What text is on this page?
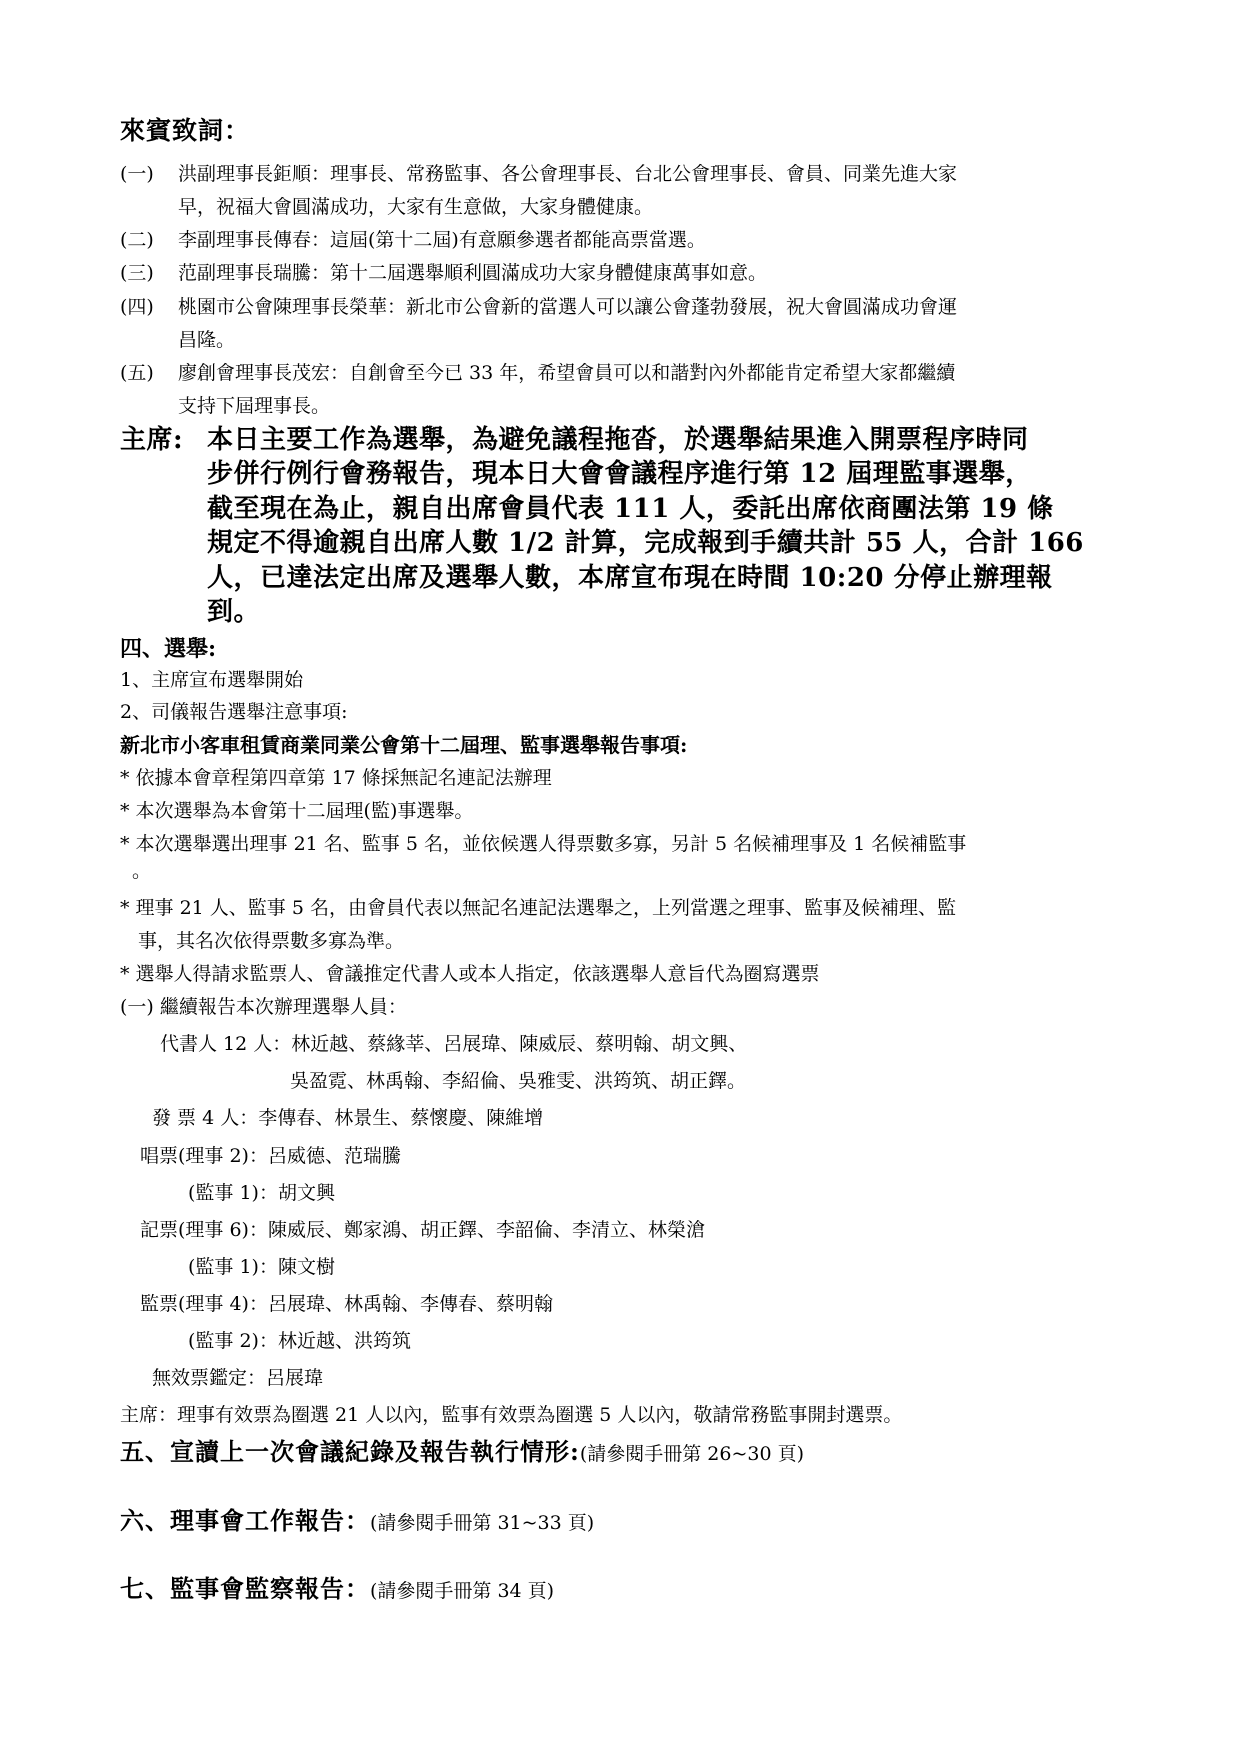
來賓致詞：
(一) 洪副理事長鉅順：理事長、常務監事、各公會理事長、台北公會理事長、會員、同業先進大家
早，祝福大會圓滿成功，大家有生意做，大家身體健康。
(二) 李副理事長傳春：這屆(第十二屆)有意願參選者都能高票當選。
(三) 范副理事長瑞騰：第十二屆選舉順利圓滿成功大家身體健康萬事如意。
(四) 桃園市公會陳理事長榮華：新北市公會新的當選人可以讓公會蓬勃發展，祝大會圓滿成功會運
昌隆。
(五) 廖創會理事長茂宏：自創會至今已 33 年，希望會員可以和諧對內外都能肯定希望大家都繼續
支持下屆理事長。
主席: 本日主要工作為選舉，為避免議程拖沓，於選舉結果進入開票程序時同
步併行例行會務報告，現本日大會會議程序進行第 12 屆理監事選舉，
截至現在為止，親自出席會員代表 111 人，委託出席依商團法第 19 條
規定不得逾親自出席人數 1/2 計算，完成報到手續共計 55 人，合計 166
人，已達法定出席及選舉人數，本席宣布現在時間 10:20 分停止辦理報
到。
四、選舉:
1、主席宣布選舉開始
2、司儀報告選舉注意事項:
新北市小客車租賃商業同業公會第十二屆理、監事選舉報告事項:
* 依據本會章程第四章第 17 條採無記名連記法辦理
* 本次選舉為本會第十二屆理(監)事選舉。
* 本次選舉選出理事 21 名、監事 5 名，並依候選人得票數多寡，另計 5 名候補理事及 1 名候補監事
。
* 理事 21 人、監事 5 名，由會員代表以無記名連記法選舉之，上列當選之理事、監事及候補理、監
事，其名次依得票數多寡為準。
* 選舉人得請求監票人、會議推定代書人或本人指定，依該選舉人意旨代為圈寫選票
(一) 繼續報告本次辦理選舉人員：
代書人 12 人：林近越、蔡緣莘、呂展瑋、陳威辰、蔡明翰、胡文興、
吳盈霓、林禹翰、李紹倫、吳雅雯、洪筠筑、胡正鐸。
發 票 4 人：李傳春、林景生、蔡懷慶、陳維增
唱票(理事 2)：呂威德、范瑞騰
(監事 1)：胡文興
記票(理事 6)：陳威辰、鄭家鴻、胡正鐸、李韶倫、李清立、林榮滄
(監事 1)：陳文樹
監票(理事 4)：呂展瑋、林禹翰、李傳春、蔡明翰
(監事 2)：林近越、洪筠筑
無效票鑑定：呂展瑋
主席：理事有效票為圈選 21 人以內，監事有效票為圈選 5 人以內，敬請常務監事開封選票。
五、宣讀上一次會議紀錄及報告執行情形:(請參閱手冊第 26~30 頁)
六、理事會工作報告：(請參閱手冊第 31~33 頁)
七、監事會監察報告：(請參閱手冊第 34 頁)
